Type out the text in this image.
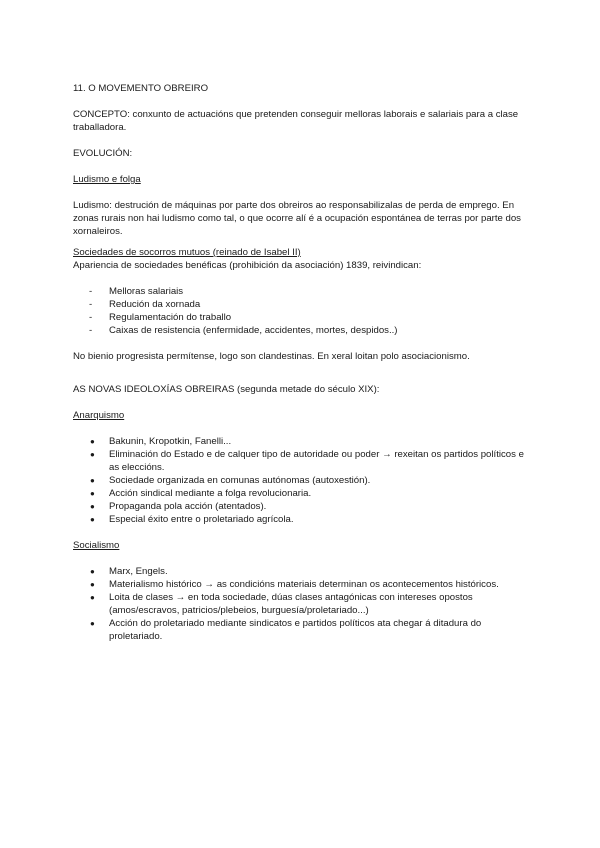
11. O MOVEMENTO OBREIRO

CONCEPTO: conxunto de actuacións que pretenden conseguir melloras laborais e salariais para a clase traballadora.

EVOLUCIÓN:

Ludismo e folga

Ludismo: destrución de máquinas por parte dos obreiros ao responsabilizalas de perda de emprego. En zonas rurais non hai ludismo como tal, o que ocorre alí é a ocupación espontánea de terras por parte dos xornaleiros.

Sociedades de socorros mutuos (reinado de Isabel II)

Apariencia de sociedades benéficas (prohibición da asociación) 1839, reivindican:

- Melloras salariais
- Redución da xornada
- Regulamentación do traballo
- Caixas de resistencia (enfermidade, accidentes, mortes, despidos..)

No bienio progresista permítense, logo son clandestinas. En xeral loitan polo asociacionismo.

AS NOVAS IDEOLOXÍAS OBREIRAS (segunda metade do século XIX):

Anarquismo

● Bakunin, Kropotkin, Fanelli...
● Eliminación do Estado e de calquer tipo de autoridade ou poder → rexeitan os partidos políticos e as eleccións.
● Sociedade organizada en comunas autónomas (autoxestión).
● Acción sindical mediante a folga revolucionaria.
● Propaganda pola acción (atentados).
● Especial éxito entre o proletariado agrícola.

Socialismo

● Marx, Engels.
● Materialismo histórico → as condicións materiais determinan os acontecementos históricos.
● Loita de clases → en toda sociedade, dúas clases antagónicas con intereses opostos (amos/escravos, patricios/plebeios, burguesía/proletariado...)
● Acción do proletariado mediante sindicatos e partidos políticos ata chegar á ditadura do proletariado.
